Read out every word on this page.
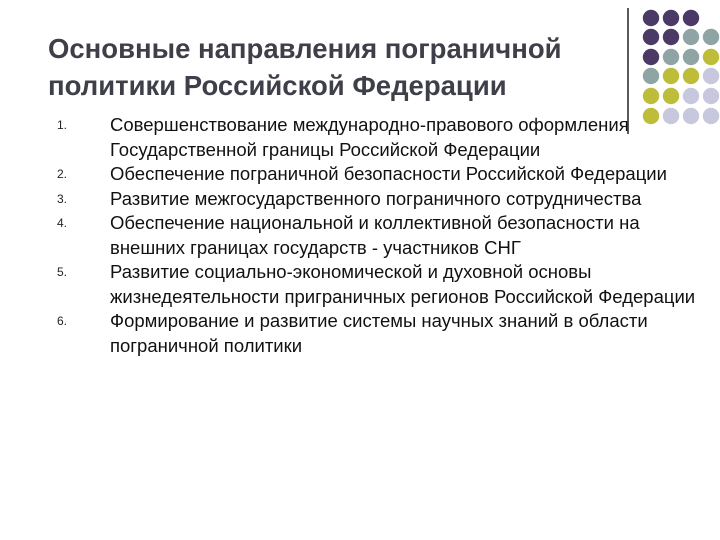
Основные направления пограничной политики Российской Федерации
1. Совершенствование международно-правового оформления Государственной границы Российской Федерации
2. Обеспечение пограничной безопасности Российской Федерации
3. Развитие межгосударственного пограничного сотрудничества
4. Обеспечение национальной и коллективной безопасности на внешних границах государств - участников СНГ
5. Развитие социально-экономической и духовной основы жизнедеятельности приграничных регионов Российской Федерации
6. Формирование и развитие системы научных знаний в области пограничной политики
